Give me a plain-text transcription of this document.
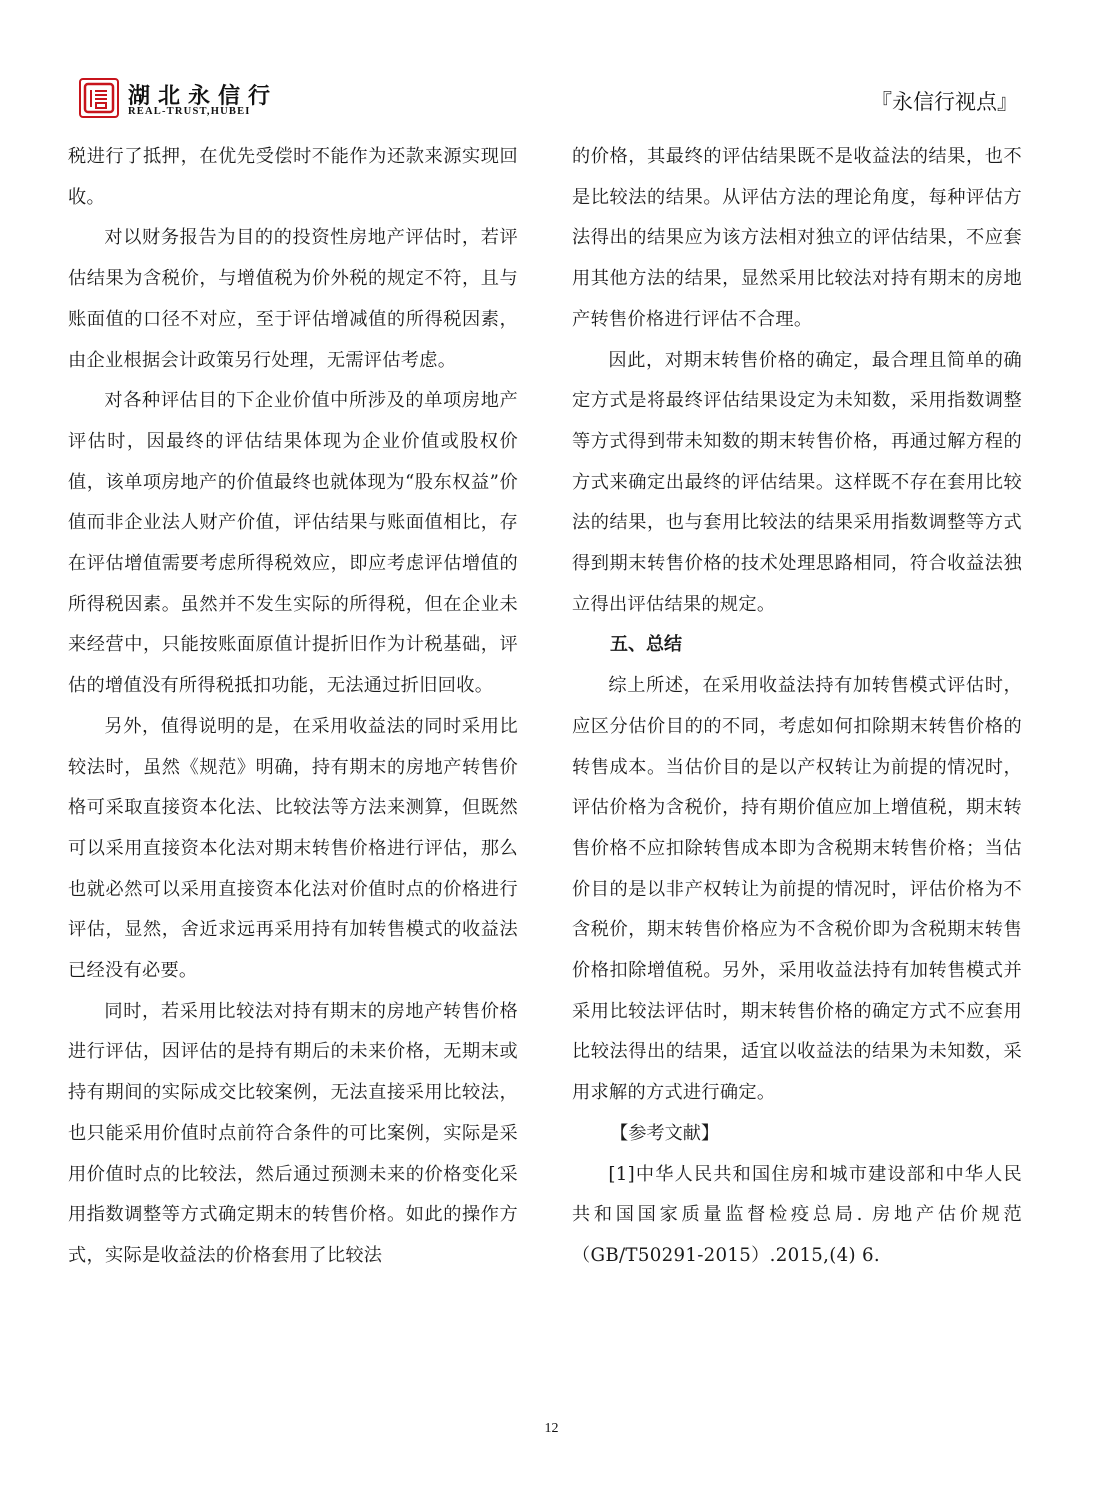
湖北永信行
REAL-TRUST,HUBEI	『永信行视点』

税进行了抵押，在优先受偿时不能作为还款来源实现回收。

对以财务报告为目的的投资性房地产评估时，若评估结果为含税价，与增值税为价外税的规定不符，且与账面值的口径不对应，至于评估增减值的所得税因素，由企业根据会计政策另行处理，无需评估考虑。

对各种评估目的下企业价值中所涉及的单项房地产评估时，因最终的评估结果体现为企业价值或股权价值，该单项房地产的价值最终也就体现为“股东权益”价值而非企业法人财产价值，评估结果与账面值相比，存在评估增值需要考虑所得税效应，即应考虑评估增值的所得税因素。虽然并不发生实际的所得税，但在企业未来经营中，只能按账面原值计提折旧作为计税基础，评估的增值没有所得税抵扣功能，无法通过折旧回收。

另外，值得说明的是，在采用收益法的同时采用比较法时，虽然《规范》明确，持有期末的房地产转售价格可采取直接资本化法、比较法等方法来测算，但既然可以采用直接资本化法对期末转售价格进行评估，那么也就必然可以采用直接资本化法对价值时点的价格进行评估，显然，舍近求远再采用持有加转售模式的收益法已经没有必要。

同时，若采用比较法对持有期末的房地产转售价格进行评估，因评估的是持有期后的未来价格，无期末或持有期间的实际成交比较案例，无法直接采用比较法，也只能采用价值时点前符合条件的可比案例，实际是采用价值时点的比较法，然后通过预测未来的价格变化采用指数调整等方式确定期末的转售价格。如此的操作方式，实际是收益法的价格套用了比较法

的价格，其最终的评估结果既不是收益法的结果，也不是比较法的结果。从评估方法的理论角度，每种评估方法得出的结果应为该方法相对独立的评估结果，不应套用其他方法的结果，显然采用比较法对持有期末的房地产转售价格进行评估不合理。

因此，对期末转售价格的确定，最合理且简单的确定方式是将最终评估结果设定为未知数，采用指数调整等方式得到带未知数的期末转售价格，再通过解方程的方式来确定出最终的评估结果。这样既不存在套用比较法的结果，也与套用比较法的结果采用指数调整等方式得到期末转售价格的技术处理思路相同，符合收益法独立得出评估结果的规定。

五、总结

综上所述，在采用收益法持有加转售模式评估时，应区分估价目的的不同，考虑如何扣除期末转售价格的转售成本。当估价目的是以产权转让为前提的情况时，评估价格为含税价，持有期价值应加上增值税，期末转售价格不应扣除转售成本即为含税期末转售价格；当估价目的是以非产权转让为前提的情况时，评估价格为不含税价，期末转售价格应为不含税价即为含税期末转售价格扣除增值税。另外，采用收益法持有加转售模式并采用比较法评估时，期末转售价格的确定方式不应套用比较法得出的结果，适宜以收益法的结果为未知数，采用求解的方式进行确定。

【参考文献】

[1]中华人民共和国住房和城市建设部和中华人民共和国国家质量监督检疫总局. 房地产估价规范（GB/T50291-2015）.2015,(4) 6.

12
